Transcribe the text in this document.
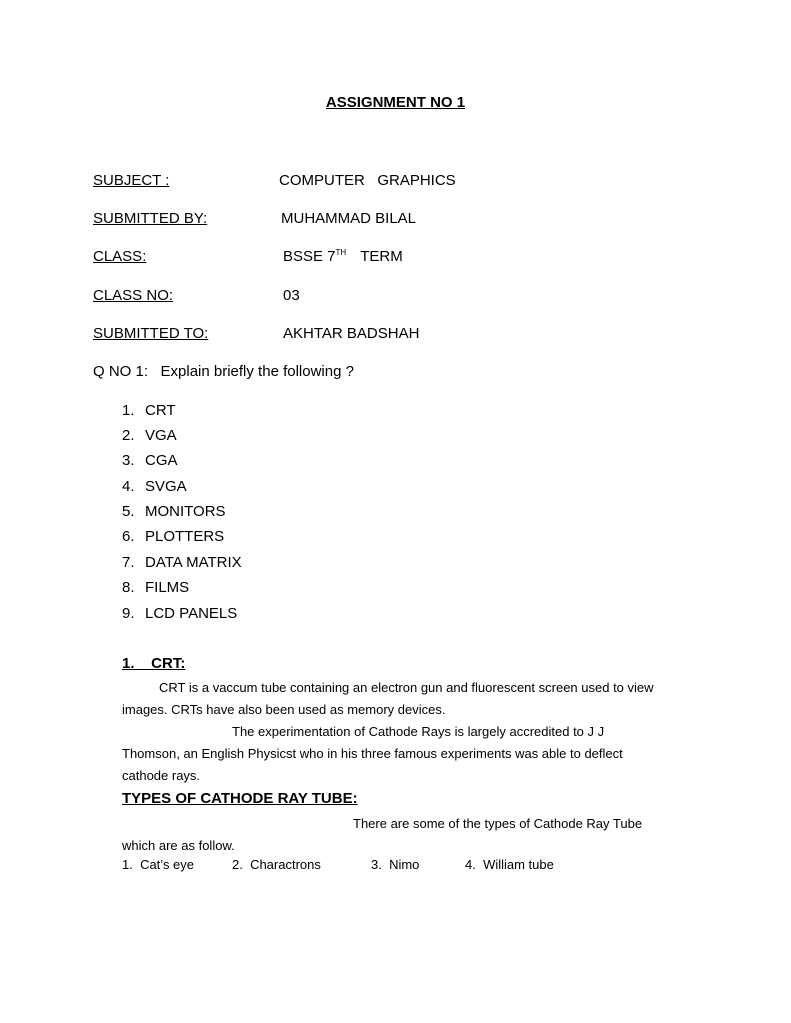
ASSIGNMENT NO 1
SUBJECT :	COMPUTER   GRAPHICS
SUBMITTED BY:	MUHAMMAD BILAL
CLASS:	BSSE 7TH TERM
CLASS NO:	03
SUBMITTED TO:	AKHTAR BADSHAH
Q NO 1:   Explain briefly the following ?
1. CRT
2. VGA
3. CGA
4. SVGA
5. MONITORS
6. PLOTTERS
7. DATA MATRIX
8. FILMS
9. LCD PANELS
1.    CRT:
CRT is a vaccum tube containing an electron gun and fluorescent screen used to view
images. CRTs have also been used as memory devices.
The experimentation of Cathode Rays is largely accredited to J J
Thomson, an English Physicst who in his three famous experiments was able to deflect
cathode rays.
TYPES OF CATHODE RAY TUBE:
There are some of the types of Cathode Ray Tube
which are as follow.
1.  Cat’s eye	2.  Charactrons	3.  Nimo	4.  William tube
